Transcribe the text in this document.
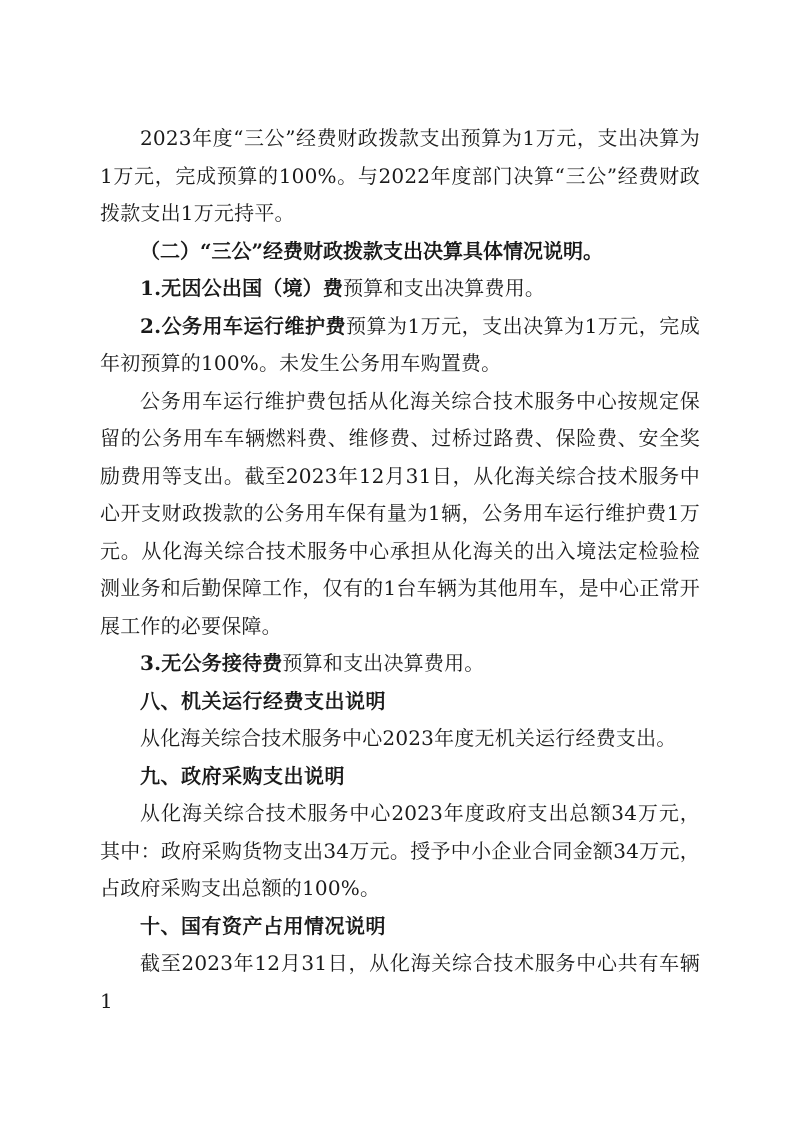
2023年度“三公”经费财政拨款支出预算为1万元，支出决算为1万元，完成预算的100%。与2022年度部门决算“三公”经费财政拨款支出1万元持平。

（二）“三公”经费财政拨款支出决算具体情况说明。

1.无因公出国（境）费预算和支出决算费用。

2.公务用车运行维护费预算为1万元，支出决算为1万元，完成年初预算的100%。未发生公务用车购置费。

公务用车运行维护费包括从化海关综合技术服务中心按规定保留的公务用车车辆燃料费、维修费、过桥过路费、保险费、安全奖励费用等支出。截至2023年12月31日，从化海关综合技术服务中心开支财政拨款的公务用车保有量为1辆，公务用车运行维护费1万元。从化海关综合技术服务中心承担从化海关的出入境法定检验检测业务和后勤保障工作，仅有的1台车辆为其他用车，是中心正常开展工作的必要保障。

3.无公务接待费预算和支出决算费用。

八、机关运行经费支出说明

从化海关综合技术服务中心2023年度无机关运行经费支出。

九、政府采购支出说明

从化海关综合技术服务中心2023年度政府支出总额34万元，其中：政府采购货物支出34万元。授予中小企业合同金额34万元，占政府采购支出总额的100%。

十、国有资产占用情况说明

截至2023年12月31日，从化海关综合技术服务中心共有车辆1
